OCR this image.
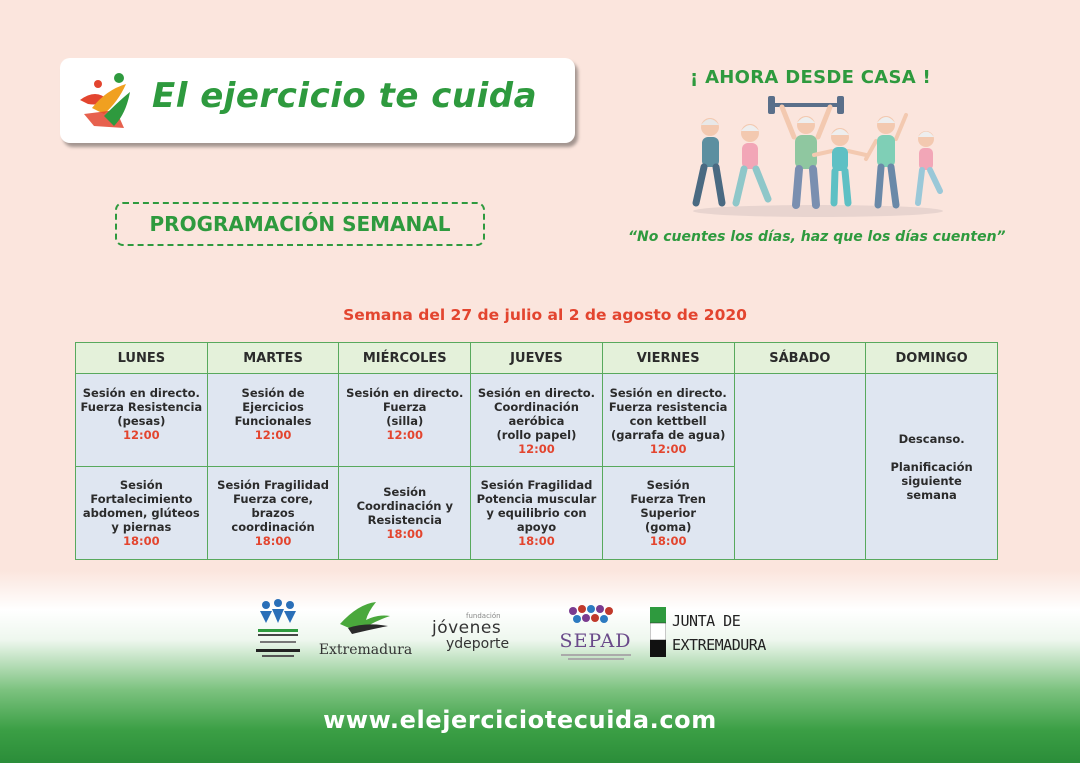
El ejercicio te cuida	¡ AHORA DESDE CASA !
“No cuentes los días, haz que los días cuenten”
PROGRAMACIÓN SEMANAL
Semana del 27 de julio al 2 de agosto de 2020
LUNES	MARTES	MIÉRCOLES	JUEVES	VIERNES	SÁBADO	DOMINGO

Sesión en directo.
Fuerza Resistencia
(pesas)
12:00	Sesión de
Ejercicios
Funcionales
12:00	Sesión en directo.
Fuerza
(silla)
12:00	Sesión en directo.
Coordinación
aeróbica
(rollo papel)
12:00	Sesión en directo.
Fuerza resistencia
con kettbell
(garrafa de agua)
12:00		Descanso.
Planificación
siguiente
semana

Sesión
Fortalecimiento
abdomen, glúteos
y piernas
18:00	Sesión Fragilidad
Fuerza core, brazos
coordinación
18:00	Sesión
Coordinación y
Resistencia
18:00	Sesión Fragilidad
Potencia muscular
y equilibrio con
apoyo
18:00	Sesión
Fuerza Tren
Superior
(goma)
18:00		
Extremadura
fundación
jóvenes
ydeporte	SEPAD
JUNTA DE
EXTREMADURA
www.elejerciciotecuida.com
